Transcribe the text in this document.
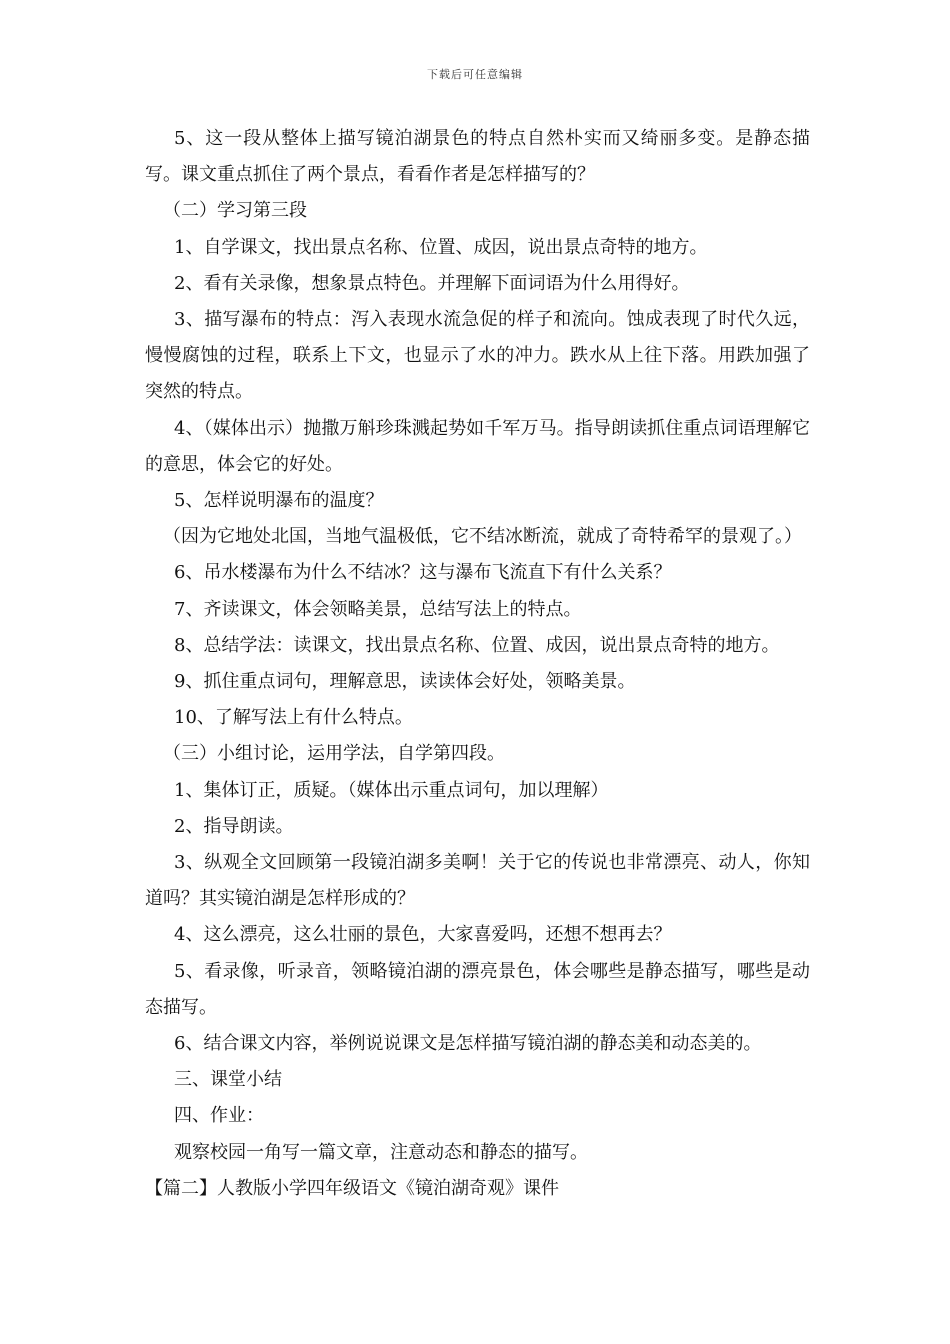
下载后可任意编辑

5、这一段从整体上描写镜泊湖景色的特点自然朴实而又绮丽多变。是静态描写。课文重点抓住了两个景点，看看作者是怎样描写的？

（二）学习第三段

1、自学课文，找出景点名称、位置、成因，说出景点奇特的地方。

2、看有关录像，想象景点特色。并理解下面词语为什么用得好。

3、描写瀑布的特点：泻入表现水流急促的样子和流向。蚀成表现了时代久远，慢慢腐蚀的过程，联系上下文，也显示了水的冲力。跌水从上往下落。用跌加强了突然的特点。

4、（媒体出示）抛撒万斛珍珠溅起势如千军万马。指导朗读抓住重点词语理解它的意思，体会它的好处。

5、怎样说明瀑布的温度？

（因为它地处北国，当地气温极低，它不结冰断流，就成了奇特希罕的景观了。）

6、吊水楼瀑布为什么不结冰？这与瀑布飞流直下有什么关系？

7、齐读课文，体会领略美景，总结写法上的特点。

8、总结学法：读课文，找出景点名称、位置、成因，说出景点奇特的地方。

9、抓住重点词句，理解意思，读读体会好处，领略美景。

10、了解写法上有什么特点。

（三）小组讨论，运用学法，自学第四段。

1、集体订正，质疑。（媒体出示重点词句，加以理解）

2、指导朗读。

3、纵观全文回顾第一段镜泊湖多美啊！关于它的传说也非常漂亮、动人，你知道吗？其实镜泊湖是怎样形成的？

4、这么漂亮，这么壮丽的景色，大家喜爱吗，还想不想再去？

5、看录像，听录音，领略镜泊湖的漂亮景色，体会哪些是静态描写，哪些是动态描写。

6、结合课文内容，举例说说课文是怎样描写镜泊湖的静态美和动态美的。

三、课堂小结

四、作业：

观察校园一角写一篇文章，注意动态和静态的描写。

【篇二】人教版小学四年级语文《镜泊湖奇观》课件
